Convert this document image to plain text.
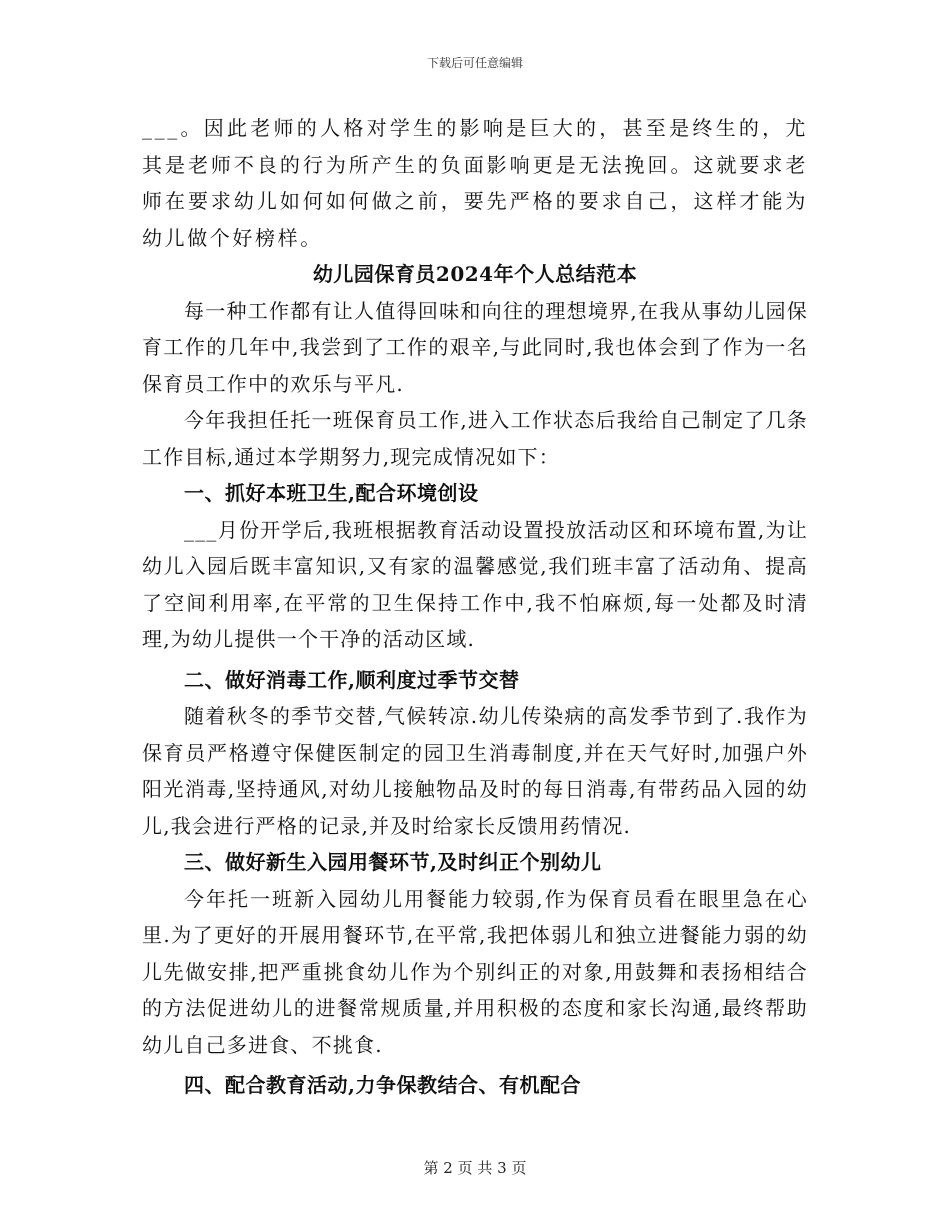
下载后可任意编辑

___。因此老师的人格对学生的影响是巨大的，甚至是终生的，尤其是老师不良的行为所产生的负面影响更是无法挽回。这就要求老师在要求幼儿如何如何做之前，要先严格的要求自己，这样才能为幼儿做个好榜样。

幼儿园保育员2024年个人总结范本

每一种工作都有让人值得回味和向往的理想境界,在我从事幼儿园保育工作的几年中,我尝到了工作的艰辛,与此同时,我也体会到了作为一名保育员工作中的欢乐与平凡.

今年我担任托一班保育员工作,进入工作状态后我给自己制定了几条工作目标,通过本学期努力,现完成情况如下：

一、抓好本班卫生,配合环境创设

___月份开学后,我班根据教育活动设置投放活动区和环境布置,为让幼儿入园后既丰富知识,又有家的温馨感觉,我们班丰富了活动角、提高了空间利用率,在平常的卫生保持工作中,我不怕麻烦,每一处都及时清理,为幼儿提供一个干净的活动区域.

二、做好消毒工作,顺利度过季节交替

随着秋冬的季节交替,气候转凉.幼儿传染病的高发季节到了.我作为保育员严格遵守保健医制定的园卫生消毒制度,并在天气好时,加强户外阳光消毒,坚持通风,对幼儿接触物品及时的每日消毒,有带药品入园的幼儿,我会进行严格的记录,并及时给家长反馈用药情况.

三、做好新生入园用餐环节,及时纠正个别幼儿

今年托一班新入园幼儿用餐能力较弱,作为保育员看在眼里急在心里.为了更好的开展用餐环节,在平常,我把体弱儿和独立进餐能力弱的幼儿先做安排,把严重挑食幼儿作为个别纠正的对象,用鼓舞和表扬相结合的方法促进幼儿的进餐常规质量,并用积极的态度和家长沟通,最终帮助幼儿自己多进食、不挑食.

四、配合教育活动,力争保教结合、有机配合

第 2 页 共 3 页
